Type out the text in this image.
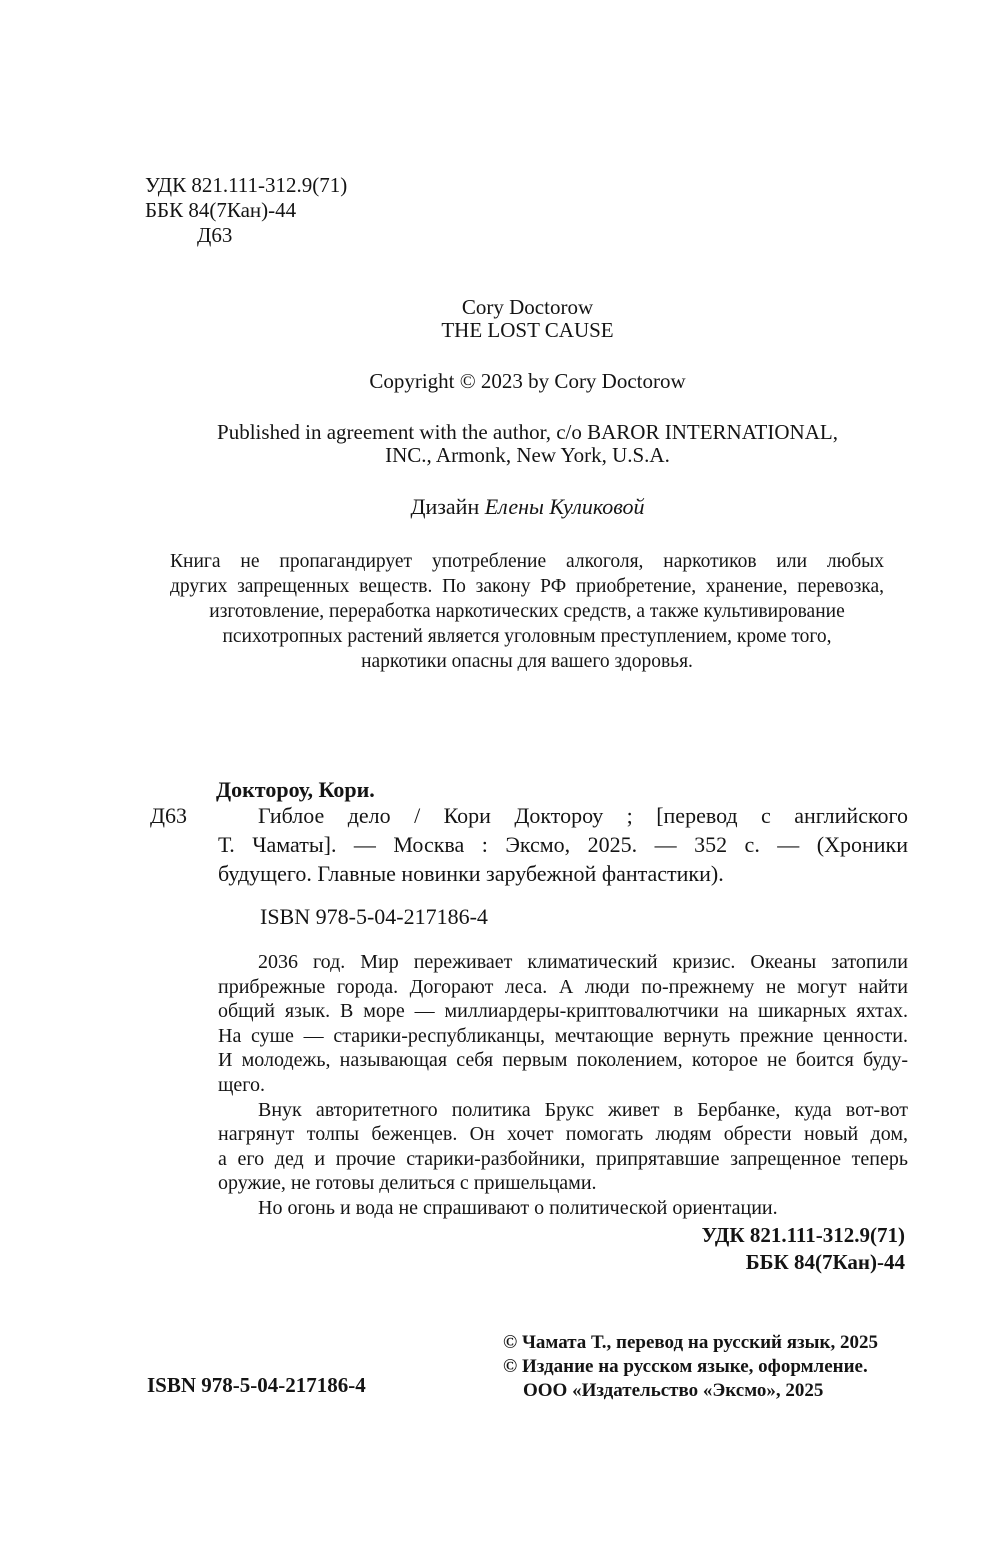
УДК 821.111-312.9(71)
ББК 84(7Кан)-44
Д63
Cory Doctorow
THE LOST CAUSE
Copyright © 2023 by Cory Doctorow
Published in agreement with the author, c/o BAROR INTERNATIONAL,
INC., Armonk, New York, U.S.A.
Дизайн Елены Куликовой
Книга не пропагандирует употребление алкоголя, наркотиков или любых
других запрещенных веществ. По закону РФ приобретение, хранение, перевозка,
изготовление, переработка наркотических средств, а также культивирование
психотропных растений является уголовным преступлением, кроме того,
наркотики опасны для вашего здоровья.
Доктороу, Кори.
Д63	Гиблое дело / Кори Доктороу ; [перевод с английского
Т. Чаматы]. — Москва : Эксмо, 2025. — 352 с. — (Хроники
будущего. Главные новинки зарубежной фантастики).
ISBN 978-5-04-217186-4
2036 год. Мир переживает климатический кризис. Океаны затопили
прибрежные города. Догорают леса. А люди по-прежнему не могут найти
общий язык. В море — миллиардеры-криптовалютчики на шикарных яхтах.
На суше — старики-республиканцы, мечтающие вернуть прежние ценности.
И молодежь, называющая себя первым поколением, которое не боится буду-
щего.
Внук авторитетного политика Брукс живет в Бербанке, куда вот-вот
нагрянут толпы беженцев. Он хочет помогать людям обрести новый дом,
а его дед и прочие старики-разбойники, припрятавшие запрещенное теперь
оружие, не готовы делиться с пришельцами.
Но огонь и вода не спрашивают о политической ориентации.
УДК 821.111-312.9(71)
ББК 84(7Кан)-44
© Чамата Т., перевод на русский язык, 2025
© Издание на русском языке, оформление.
ООО «Издательство «Эксмо», 2025
ISBN 978-5-04-217186-4
